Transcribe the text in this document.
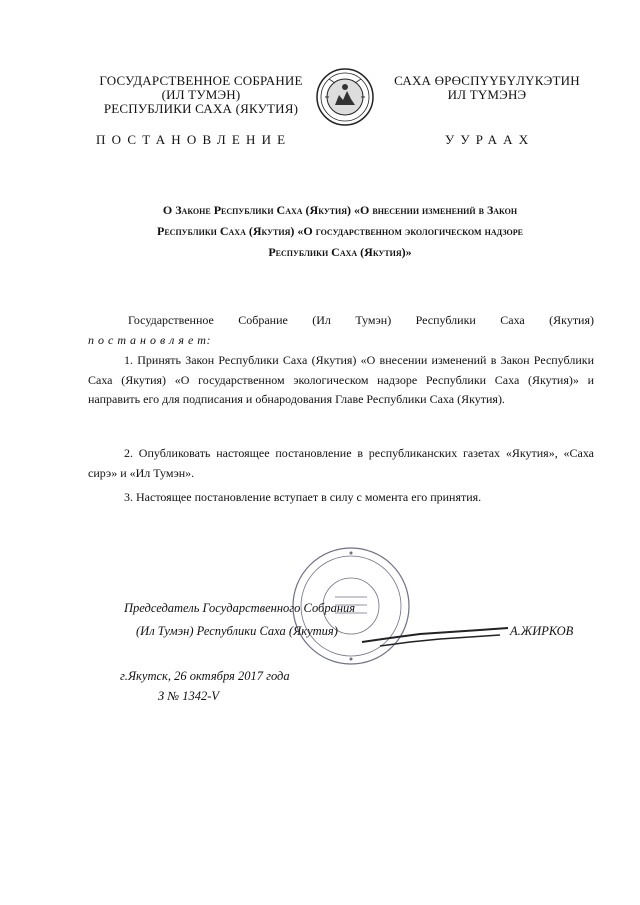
ГОСУДАРСТВЕННОЕ СОБРАНИЕ
(ИЛ ТУМЭН)
РЕСПУБЛИКИ САХА (ЯКУТИЯ)
САХА ӨРӨСПҮҮБҮЛҮКЭТИН
ИЛ ТҮМЭНЭ
ПОСТАНОВЛЕНИЕ	УУРААХ
О Законе Республики Саха (Якутия) «О внесении изменений в Закон
Республики Саха (Якутия) «О государственном экологическом надзоре
Республики Саха (Якутия)»
Государственное Собрание (Ил Тумэн) Республики Саха (Якутия)
п о с т а н о в л я е т:
1. Принять Закон Республики Саха (Якутия) «О внесении изменений в Закон Республики Саха (Якутия) «О государственном экологическом надзоре Республики Саха (Якутия)» и направить его для подписания и обнародования Главе Республики Саха (Якутия).
2. Опубликовать настоящее постановление в республиканских газетах «Якутия», «Саха сирэ» и «Ил Тумэн».
3. Настоящее постановление вступает в силу с момента его принятия.
Председатель Государственного Собрания
(Ил Тумэн) Республики Саха (Якутия)	А.ЖИРКОВ
г.Якутск, 26 октября 2017 года
З № 1342-V
